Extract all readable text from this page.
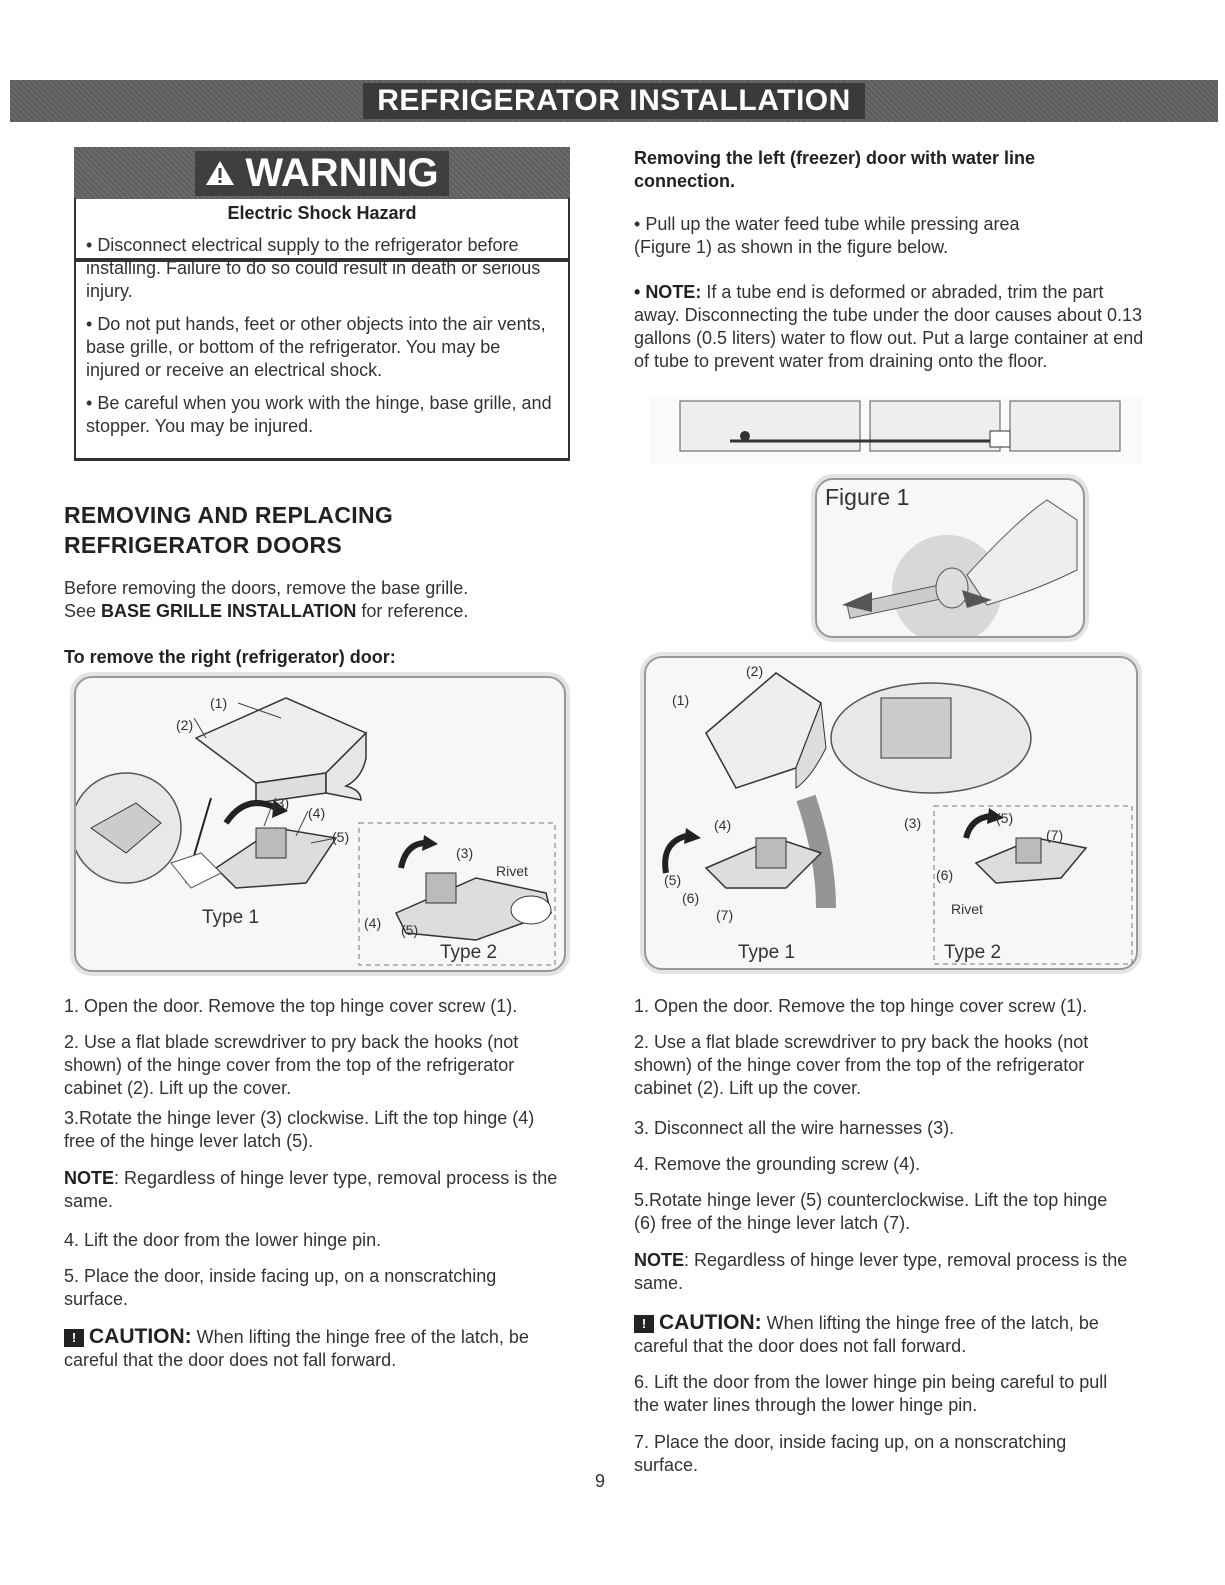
REFRIGERATOR INSTALLATION
WARNING
Electric Shock Hazard
• Disconnect electrical supply to the refrigerator before installing. Failure to do so could result in death or serious injury.
• Do not put hands, feet or other objects into the air vents, base grille, or bottom of the refrigerator. You may be injured or receive an electrical shock.
• Be careful when you work with the hinge, base grille, and stopper. You may be injured.
REMOVING AND REPLACING
REFRIGERATOR DOORS
Before removing the doors, remove the base grille.
See BASE GRILLE INSTALLATION for reference.
To remove the right (refrigerator) door:
(1)
(2)
(3)
(4)
(5)
Type 1
(3)
Rivet
(4) (5)
Type 2
1. Open the door. Remove the top hinge cover screw (1).
2. Use a flat blade screwdriver to pry back the hooks (not shown) of the hinge cover from the top of the refrigerator cabinet (2). Lift up the cover.
3.Rotate the hinge lever (3) clockwise. Lift the top hinge (4) free of the hinge lever latch (5).
NOTE: Regardless of hinge lever type, removal process is the same.
4. Lift the door from the lower hinge pin.
5. Place the door, inside facing up, on a nonscratching surface.
! CAUTION: When lifting the hinge free of the latch, be careful that the door does not fall forward.
Removing the left (freezer) door with water line connection.
• Pull up the water feed tube while pressing area (Figure 1) as shown in the figure below.
• NOTE: If a tube end is deformed or abraded, trim the part away. Disconnecting the tube under the door causes about 0.13 gallons (0.5 liters) water to flow out. Put a large container at end of tube to prevent water from draining onto the floor.
Figure 1
(1)
(2)
(3)
(4)
(5)
(6)
(7)
Type 1
(5)
(7)
(6)
Rivet
Type 2
1. Open the door. Remove the top hinge cover screw (1).
2. Use a flat blade screwdriver to pry back the hooks (not shown) of the hinge cover from the top of the refrigerator cabinet (2). Lift up the cover.
3. Disconnect all the wire harnesses (3).
4. Remove the grounding screw (4).
5.Rotate hinge lever (5) counterclockwise. Lift the top hinge (6) free of the hinge lever latch (7).
NOTE: Regardless of hinge lever type, removal process is the same.
! CAUTION: When lifting the hinge free of the latch, be careful that the door does not fall forward.
6. Lift the door from the lower hinge pin being careful to pull the water lines through the lower hinge pin.
7. Place the door, inside facing up, on a nonscratching surface.
9
